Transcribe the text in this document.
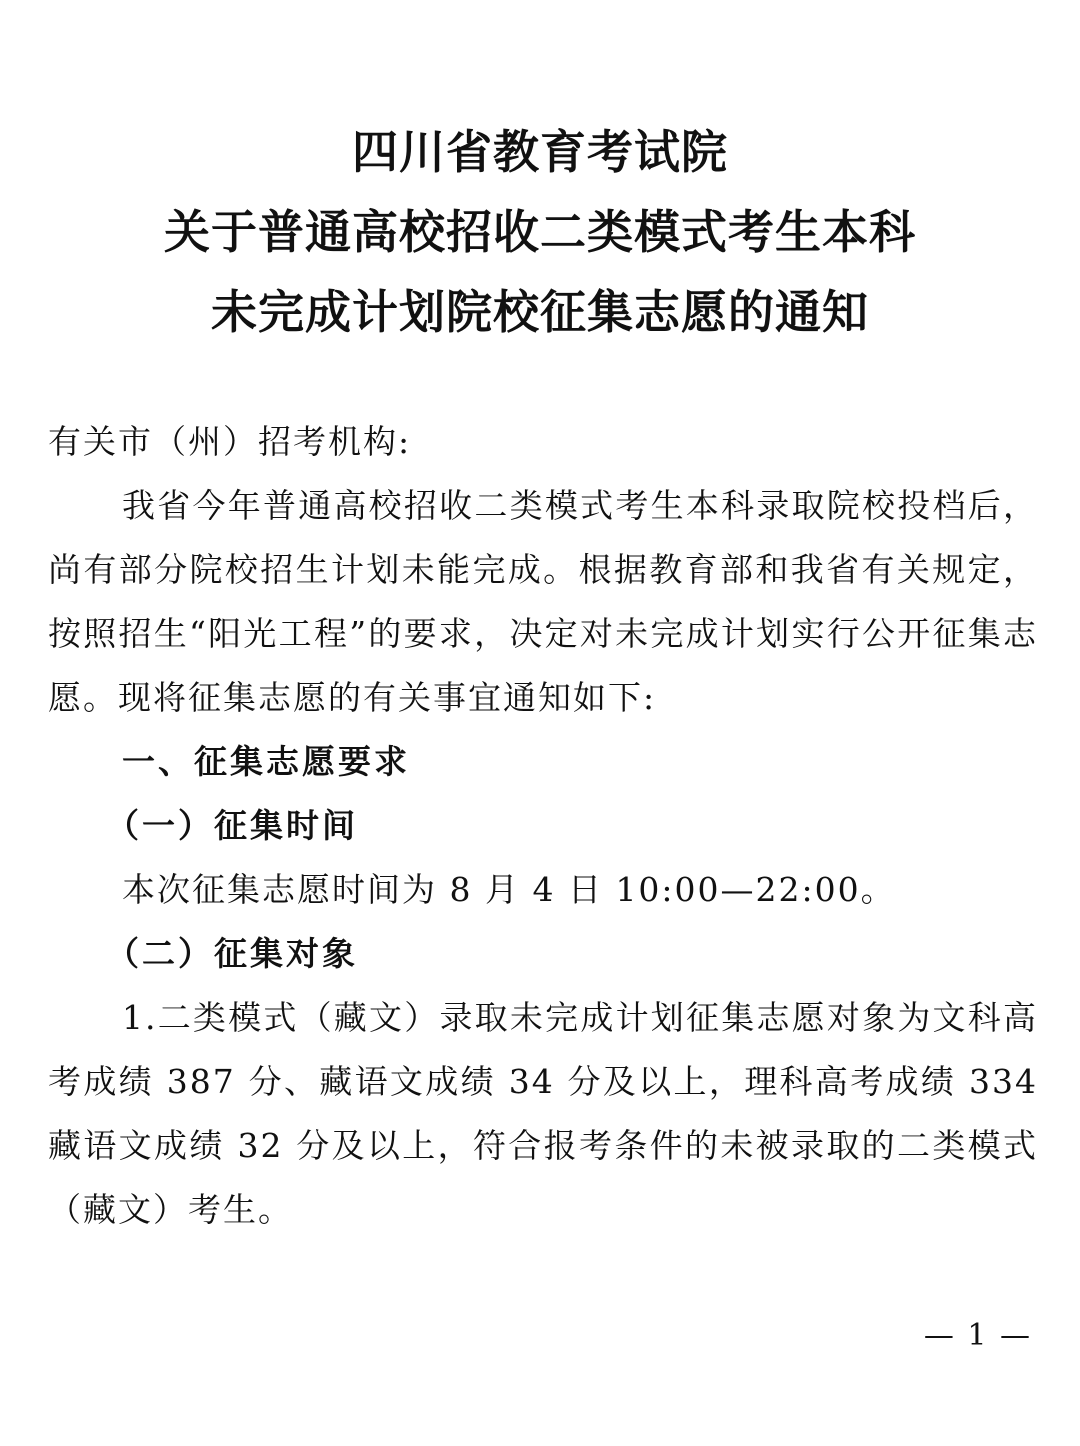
四川省教育考试院
关于普通高校招收二类模式考生本科
未完成计划院校征集志愿的通知
有关市（州）招考机构:
我省今年普通高校招收二类模式考生本科录取院校投档后，
尚有部分院校招生计划未能完成。根据教育部和我省有关规定，
按照招生“阳光工程”的要求，决定对未完成计划实行公开征集志
愿。现将征集志愿的有关事宜通知如下:
一、征集志愿要求
（一）征集时间
本次征集志愿时间为 8 月 4 日 10:00—22:00。
（二）征集对象
1.二类模式（藏文）录取未完成计划征集志愿对象为文科高
考成绩 387 分、藏语文成绩 34 分及以上，理科高考成绩 334
藏语文成绩 32 分及以上，符合报考条件的未被录取的二类模式
（藏文）考生。
— 1 —
